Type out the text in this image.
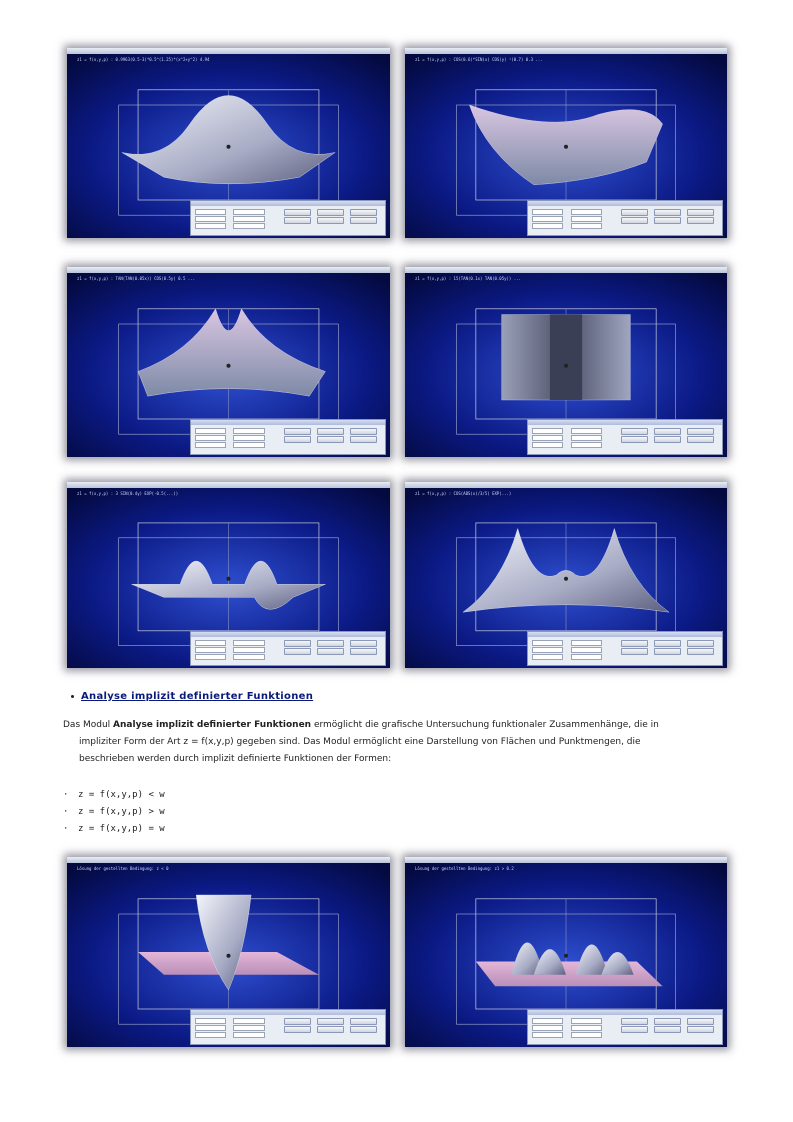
z1 = f(x,y,p) : 0.9963(0.5-3)*0.5^(1.25)*(x^2+y^2) 4.94	z1 = f(x,y,p) : COS(0.6)*SIN(x) COS(y) ¹(0.7) 0.3 ...
z1 = f(x,y,p) : TAN(TAN(0.05x)) COS(0.5y) 0.5 ...	z1 = f(x,y,p) : 15(TAN(0.1x) TAN(0.05y)) ...
z1 = f(x,y,p) : 3 SIN(0.4y) EXP(-0.5(...))	z1 = f(x,y,p) : COS(ABS(x)/3/5) EXP(...)
Lösung der gestellten Bedingung: z < 0	Lösung der gestellten Bedingung: z1 > 0.2
Analyse implizit definierter Funktionen
Das Modul Analyse implizit definierter Funktionen ermöglicht die grafische Untersuchung funktionaler Zusammenhänge, die in
impliziter Form der Art z = f(x,y,p) gegeben sind. Das Modul ermöglicht eine Darstellung von Flächen und Punktmengen, die
beschrieben werden durch implizit definierte Funktionen der Formen:
· z = f(x,y,p) < w
· z = f(x,y,p) > w
· z = f(x,y,p) = w
